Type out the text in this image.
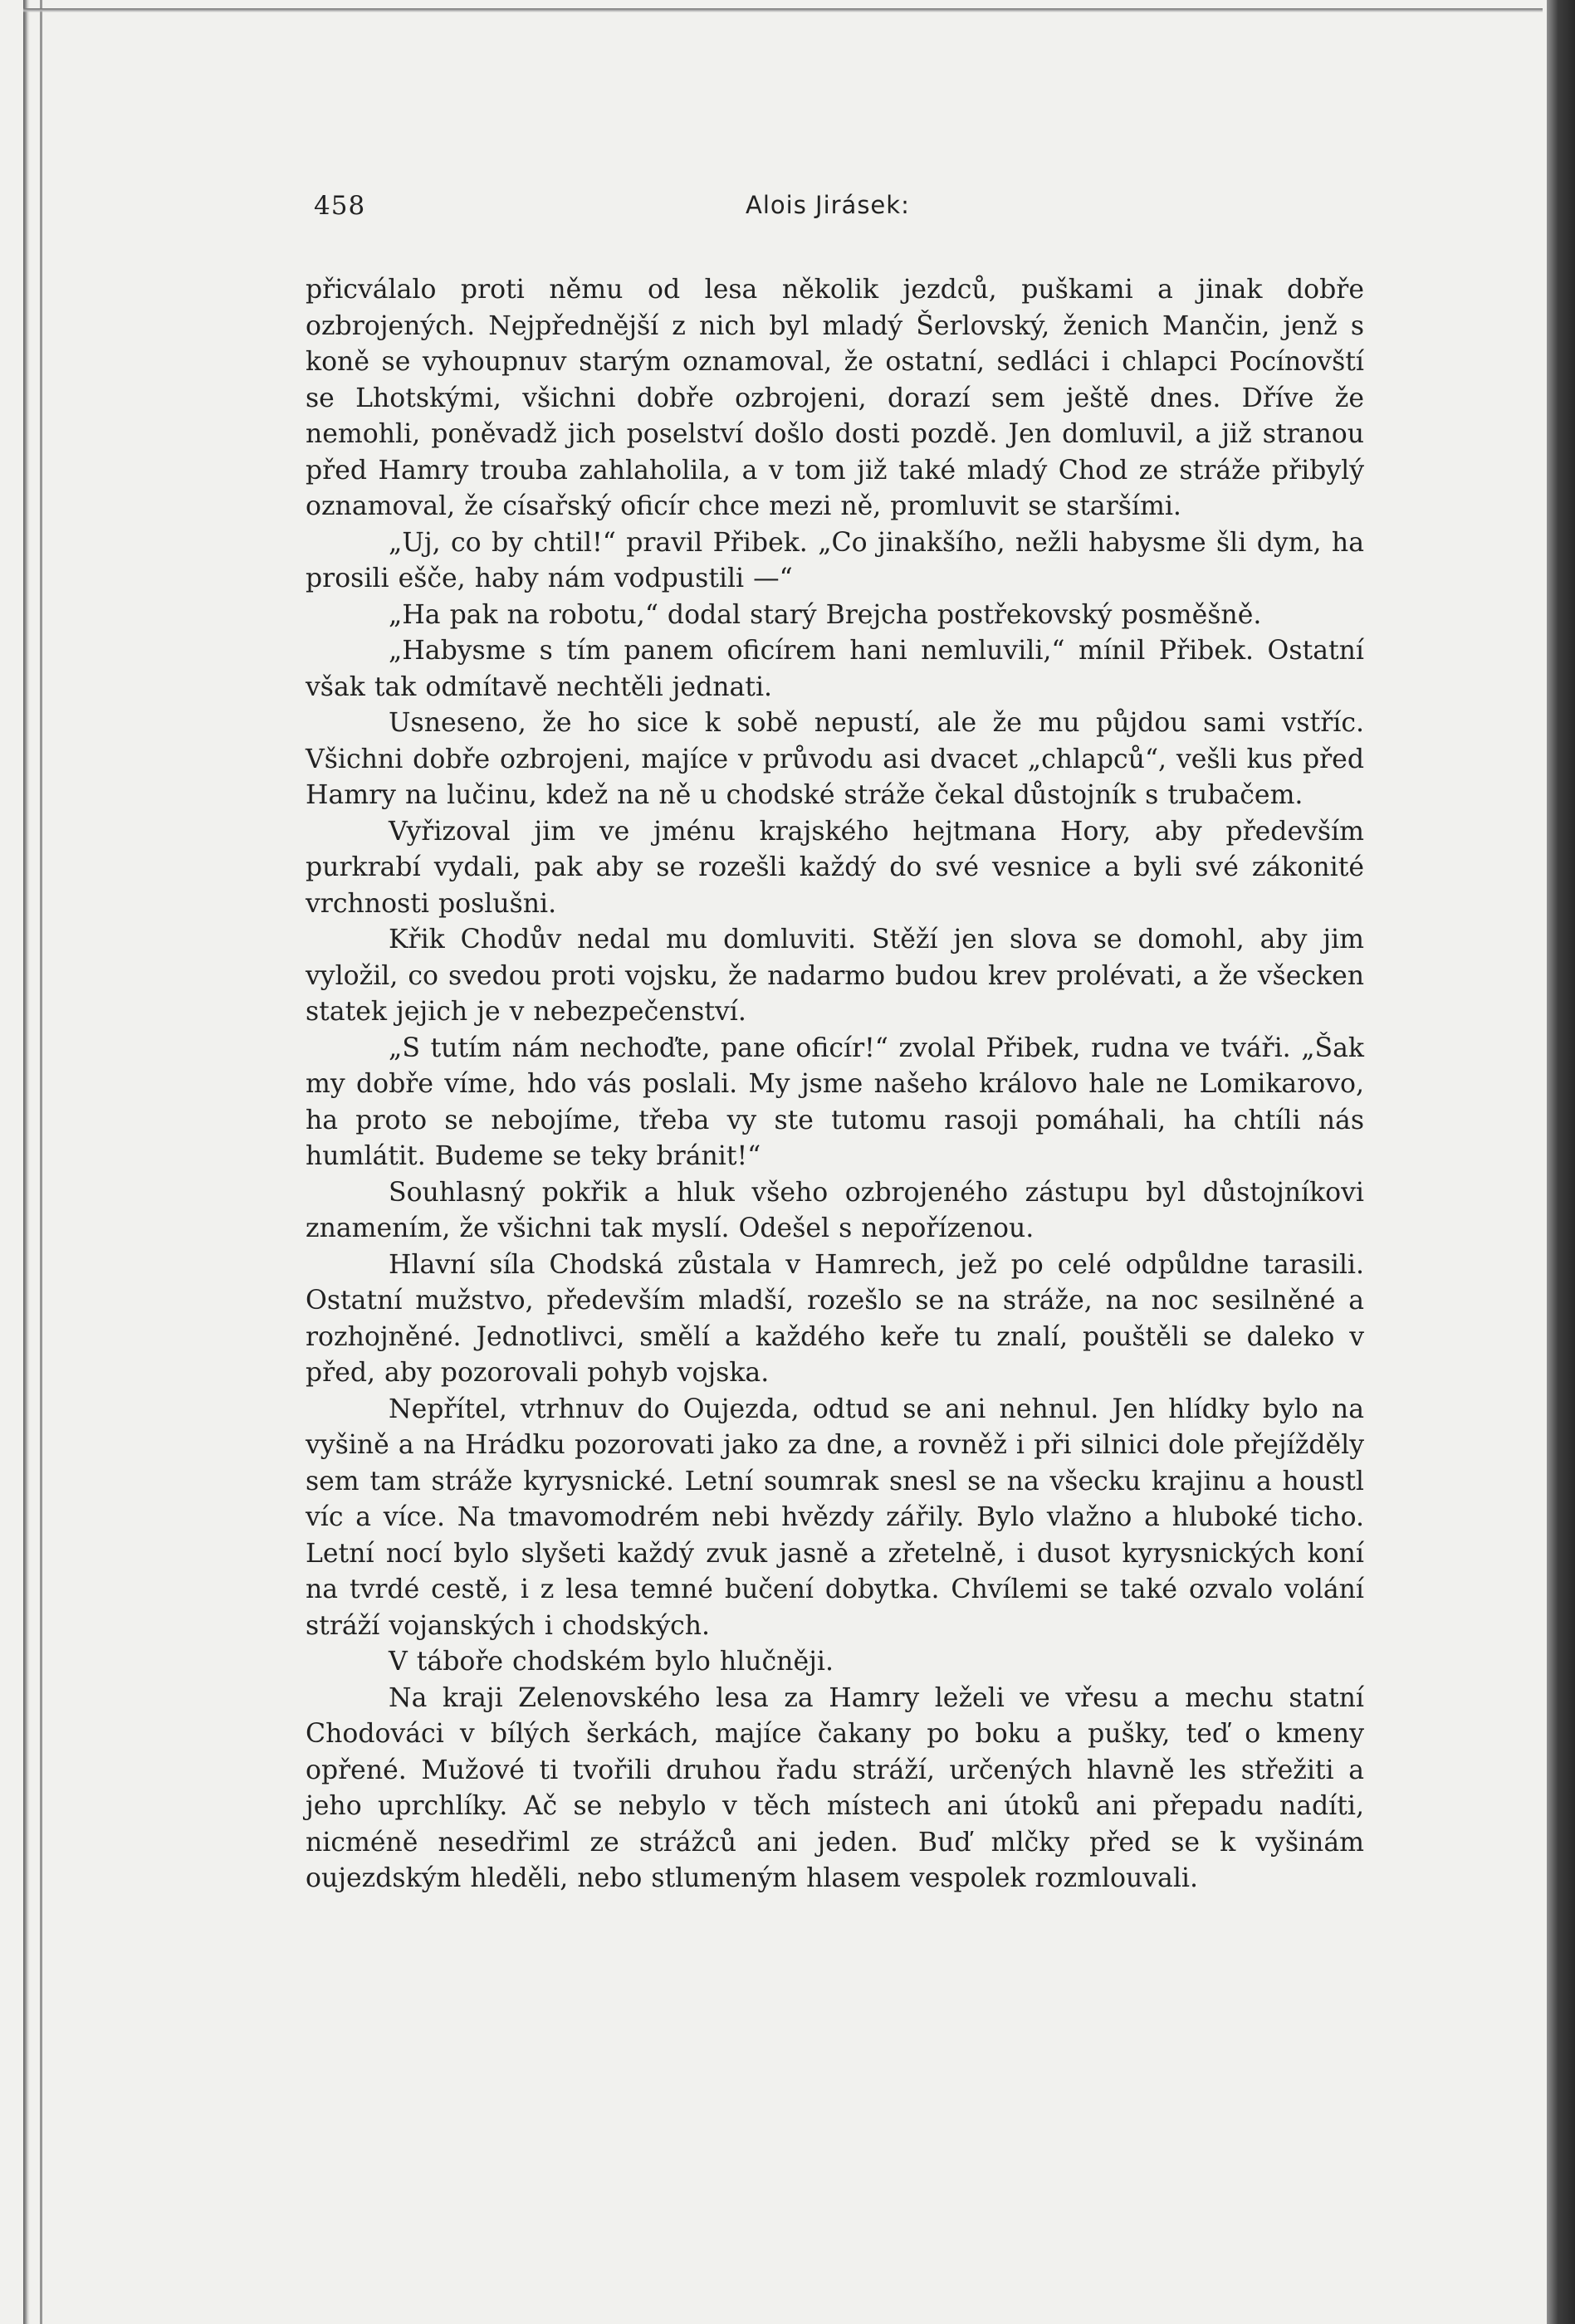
458	Alois Jirásek:

přicválalo proti němu od lesa několik jezdců, puškami a jinak dobře ozbrojených. Nejpřednější z nich byl mladý Šerlovský, ženich Mančin, jenž s koně se vyhoupnuv starým oznamoval, že ostatní, sedláci i chlapci Pocínovští se Lhotskými, všichni dobře ozbrojeni, dorazí sem ještě dnes. Dříve že nemohli, poněvadž jich poselství došlo dosti pozdě. Jen domluvil, a již stranou před Hamry trouba zahlaholila, a v tom již také mladý Chod ze stráže přibylý oznamoval, že císařský oficír chce mezi ně, promluvit se staršími.

„Uj, co by chtil!“ pravil Přibek. „Co jinakšího, nežli habysme šli dym, ha prosili ešče, haby nám vodpustili —“

„Ha pak na robotu,“ dodal starý Brejcha postřekovský posměšně.

„Habysme s tím panem oficírem hani nemluvili,“ mínil Přibek. Ostatní však tak odmítavě nechtěli jednati.

Usneseno, že ho sice k sobě nepustí, ale že mu půjdou sami vstříc. Všichni dobře ozbrojeni, majíce v průvodu asi dvacet „chlapců“, vešli kus před Hamry na lučinu, kdež na ně u chodské stráže čekal důstojník s trubačem.

Vyřizoval jim ve jménu krajského hejtmana Hory, aby především purkrabí vydali, pak aby se rozešli každý do své vesnice a byli své zákonité vrchnosti poslušni.

Křik Chodův nedal mu domluviti. Stěží jen slova se domohl, aby jim vyložil, co svedou proti vojsku, že nadarmo budou krev prolévati, a že všecken statek jejich je v nebezpečenství.

„S tutím nám nechoďte, pane oficír!“ zvolal Přibek, rudna ve tváři. „Šak my dobře víme, hdo vás poslali. My jsme našeho královo hale ne Lomikarovo, ha proto se nebojíme, třeba vy ste tutomu rasoji pomáhali, ha chtíli nás humlátit. Budeme se teky bránit!“

Souhlasný pokřik a hluk všeho ozbrojeného zástupu byl důstojníkovi znamením, že všichni tak myslí. Odešel s nepořízenou.

Hlavní síla Chodská zůstala v Hamrech, jež po celé odpůldne tarasili. Ostatní mužstvo, především mladší, rozešlo se na stráže, na noc sesilněné a rozhojněné. Jednotlivci, smělí a každého keře tu znalí, pouštěli se daleko v před, aby pozorovali pohyb vojska.

Nepřítel, vtrhnuv do Oujezda, odtud se ani nehnul. Jen hlídky bylo na vyšině a na Hrádku pozorovati jako za dne, a rovněž i při silnici dole přejížděly sem tam stráže kyrysnické. Letní soumrak snesl se na všecku krajinu a houstl víc a více. Na tmavomodrém nebi hvězdy zářily. Bylo vlažno a hluboké ticho. Letní nocí bylo slyšeti každý zvuk jasně a zřetelně, i dusot kyrysnických koní na tvrdé cestě, i z lesa temné bučení dobytka. Chvílemi se také ozvalo volání stráží vojanských i chodských.

V táboře chodském bylo hlučněji.

Na kraji Zelenovského lesa za Hamry leželi ve vřesu a mechu statní Chodováci v bílých šerkách, majíce čakany po boku a pušky, teď o kmeny opřené. Mužové ti tvořili druhou řadu stráží, určených hlavně les střežiti a jeho uprchlíky. Ač se nebylo v těch místech ani útoků ani přepadu nadíti, nicméně nesedřiml ze strážců ani jeden. Buď mlčky před se k vyšinám oujezdským hleděli, nebo stlumeným hlasem vespolek rozmlouvali.
